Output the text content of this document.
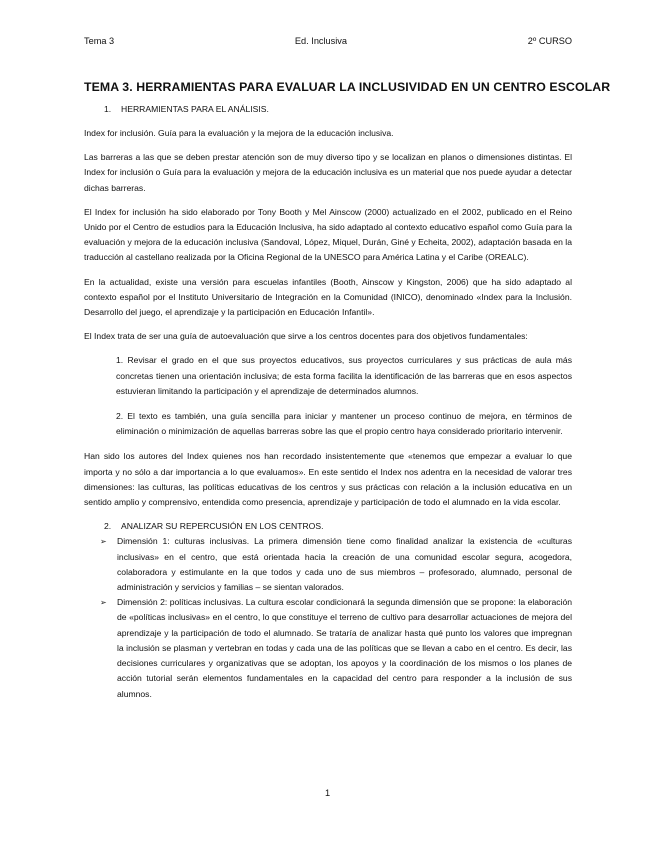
Tema 3	Ed. Inclusiva	2º CURSO
TEMA 3. HERRAMIENTAS PARA EVALUAR LA INCLUSIVIDAD EN UN CENTRO ESCOLAR
1.	HERRAMIENTAS PARA EL ANÁLISIS.

Index for inclusión. Guía para la evaluación y la mejora de la educación inclusiva.

Las barreras a las que se deben prestar atención son de muy diverso tipo y se localizan en planos o dimensiones distintas. El Index for inclusión o Guía para la evaluación y mejora de la educación inclusiva es un material que nos puede ayudar a detectar dichas barreras.

El Index for inclusión ha sido elaborado por Tony Booth y Mel Ainscow (2000) actualizado en el 2002, publicado en el Reino Unido por el Centro de estudios para la Educación Inclusiva, ha sido adaptado al contexto educativo español como Guía para la evaluación y mejora de la educación inclusiva (Sandoval, López, Miquel, Durán, Giné y Echeita, 2002), adaptación basada en la traducción al castellano realizada por la Oficina Regional de la UNESCO para América Latina y el Caribe (OREALC).

En la actualidad, existe una versión para escuelas infantiles (Booth, Ainscow y Kingston, 2006) que ha sido adaptado al contexto español por el Instituto Universitario de Integración en la Comunidad (INICO), denominado «Index para la Inclusión. Desarrollo del juego, el aprendizaje y la participación en Educación Infantil».

El Index trata de ser una guía de autoevaluación que sirve a los centros docentes para dos objetivos fundamentales:

1. Revisar el grado en el que sus proyectos educativos, sus proyectos curriculares y sus prácticas de aula más concretas tienen una orientación inclusiva; de esta forma facilita la identificación de las barreras que en esos aspectos estuvieran limitando la participación y el aprendizaje de determinados alumnos.

2. El texto es también, una guía sencilla para iniciar y mantener un proceso continuo de mejora, en términos de eliminación o minimización de aquellas barreras sobre las que el propio centro haya considerado prioritario intervenir.

Han sido los autores del Index quienes nos han recordado insistentemente que «tenemos que empezar a evaluar lo que importa y no sólo a dar importancia a lo que evaluamos». En este sentido el Index nos adentra en la necesidad de valorar tres dimensiones: las culturas, las políticas educativas de los centros y sus prácticas con relación a la inclusión educativa en un sentido amplio y comprensivo, entendida como presencia, aprendizaje y participación de todo el alumnado en la vida escolar.

2.	ANALIZAR SU REPERCUSIÓN EN LOS CENTROS.
➢	Dimensión 1: culturas inclusivas. La primera dimensión tiene como finalidad analizar la existencia de «culturas inclusivas» en el centro, que está orientada hacia la creación de una comunidad escolar segura, acogedora, colaboradora y estimulante en la que todos y cada uno de sus miembros – profesorado, alumnado, personal de administración y servicios y familias – se sientan valorados.
➢	Dimensión 2: políticas inclusivas. La cultura escolar condicionará la segunda dimensión que se propone: la elaboración de «políticas inclusivas» en el centro, lo que constituye el terreno de cultivo para desarrollar actuaciones de mejora del aprendizaje y la participación de todo el alumnado. Se trataría de analizar hasta qué punto los valores que impregnan la inclusión se plasman y vertebran en todas y cada una de las políticas que se llevan a cabo en el centro. Es decir, las decisiones curriculares y organizativas que se adoptan, los apoyos y la coordinación de los mismos o los planes de acción tutorial serán elementos fundamentales en la capacidad del centro para responder a la inclusión de sus alumnos.
1
